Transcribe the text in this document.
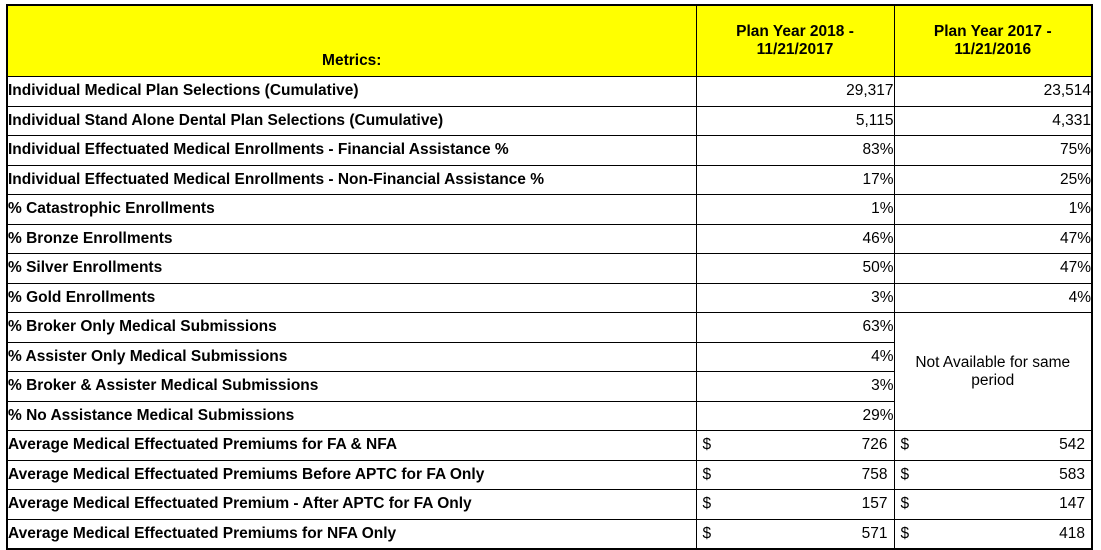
Metrics:	Plan Year 2018 - 11/21/2017	Plan Year 2017 - 11/21/2016
Individual Medical Plan Selections (Cumulative)	29,317	23,514
Individual Stand Alone Dental Plan Selections (Cumulative)	5,115	4,331
Individual Effectuated Medical Enrollments - Financial Assistance %	83%	75%
Individual Effectuated Medical Enrollments - Non-Financial Assistance %	17%	25%
% Catastrophic Enrollments	1%	1%
% Bronze Enrollments	46%	47%
% Silver Enrollments	50%	47%
% Gold Enrollments	3%	4%
% Broker Only Medical Submissions	63%	Not Available for same period
% Assister Only Medical Submissions	4%	
% Broker & Assister Medical Submissions	3%	
% No Assistance Medical Submissions	29%	
Average Medical Effectuated Premiums for FA & NFA	$ 726	$ 542

Average Medical Effectuated Premiums Before APTC for FA Only	$ 758	$ 583

Average Medical Effectuated Premium - After APTC for FA Only	$ 157	$ 147

Average Medical Effectuated Premiums for NFA Only	$ 571	$ 418
